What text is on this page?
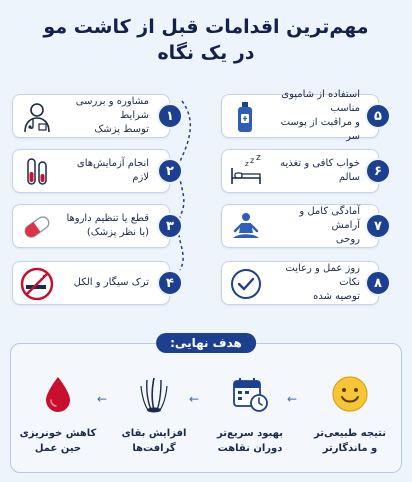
مهم‌ترین اقدامات قبل از کاشت مو
در یک نگاه
مشاوره و بررسی شرایط
توسط پزشک
۱
انجام آزمایش‌های لازم	۲
قطع یا تنظیم داروها
(با نظر پزشک)	۳
ترک سیگار و الکل	۴
استفاده از شامپوی مناسب
و مراقبت از پوست سر
۵
z z z	خواب کافی و تغذیه سالم	۶
آمادگی کامل و آرامش
روحی
۷
روز عمل و رعایت نکات
توصیه شده
۸
هدف نهایی:
نتیجه طبیعی‌تر
و ماندگارتر
←
بهبود سریع‌تر
دوران نقاهت
←
افزایش بقای
گرافت‌ها
←
کاهش خونریزی
حین عمل
